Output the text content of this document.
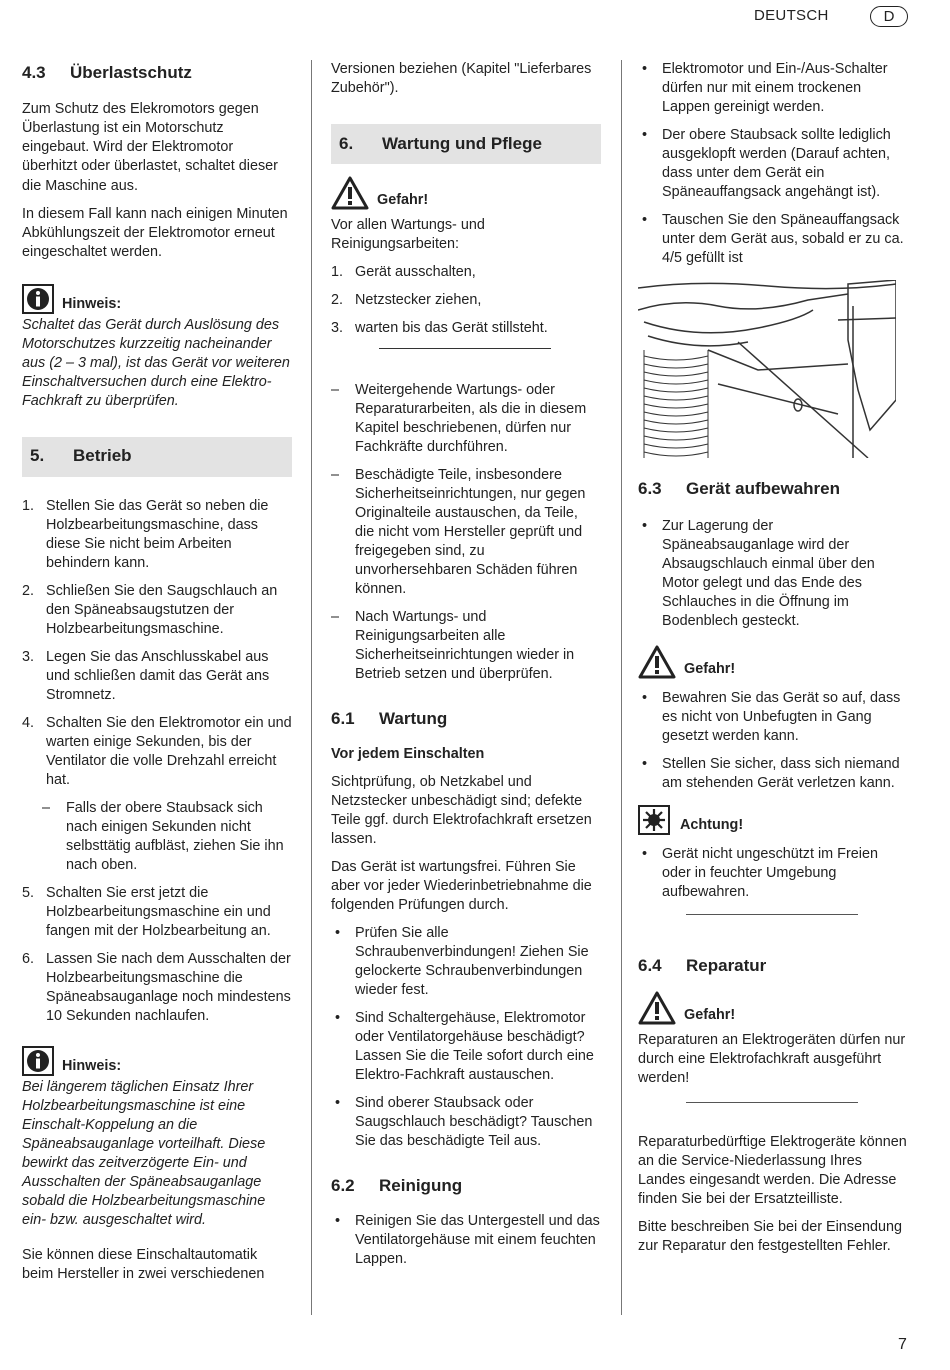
DEUTSCH	D
4.3	Überlastschutz

Zum Schutz des Elekromotors gegen Überlastung ist ein Motorschutz eingebaut. Wird der Elektromotor überhitzt oder überlastet, schaltet dieser die Maschine aus.

In diesem Fall kann nach einigen Minuten Abkühlungszeit der Elektromotor erneut eingeschaltet werden.

Hinweis:

Schaltet das Gerät durch Auslösung des Motorschutzes kurzzeitig nacheinander aus (2 – 3 mal), ist das Gerät vor weiteren Einschaltversuchen durch eine Elektro-Fachkraft zu überprüfen.

5.	Betrieb
1. Stellen Sie das Gerät so neben die Holzbearbeitungsmaschine, dass diese Sie nicht beim Arbeiten behindern kann.
2. Schließen Sie den Saugschlauch an den Späneabsaugstutzen der Holzbearbeitungsmaschine.
3. Legen Sie das Anschlusskabel aus und schließen damit das Gerät ans Stromnetz.
4. Schalten Sie den Elektromotor ein und warten einige Sekunden, bis der Ventilator die volle Drehzahl erreicht hat.
–	Falls der obere Staubsack sich nach einigen Sekunden nicht selbsttätig aufbläst, ziehen Sie ihn nach oben.
5. Schalten Sie erst jetzt die Holzbearbeitungsmaschine ein und fangen mit der Holzbearbeitung an.
6. Lassen Sie nach dem Ausschalten der Holzbearbeitungsmaschine die Späneabsauganlage noch mindestens 10 Sekunden nachlaufen.
Hinweis:

Bei längerem täglichen Einsatz Ihrer Holzbearbeitungsmaschine ist eine Einschalt-Koppelung an die Späneabsauganlage vorteilhaft. Diese bewirkt das zeitverzögerte Ein- und Ausschalten der Späneabsauganlage sobald die Holzbearbeitungsmaschine ein- bzw. ausgeschaltet wird.

Sie können diese Einschaltautomatik beim Hersteller in zwei verschiedenen

Versionen beziehen (Kapitel "Lieferbares Zubehör").

6.	Wartung und Pflege
Gefahr!

Vor allen Wartungs- und Reinigungsarbeiten:

1. Gerät ausschalten,
2. Netzstecker ziehen,
3. warten bis das Gerät stillsteht.
–	Weitergehende Wartungs- oder Reparaturarbeiten, als die in diesem Kapitel beschriebenen, dürfen nur Fachkräfte durchführen.
–	Beschädigte Teile, insbesondere Sicherheitseinrichtungen, nur gegen Originalteile austauschen, da Teile, die nicht vom Hersteller geprüft und freigegeben sind, zu unvorhersehbaren Schäden führen können.
–	Nach Wartungs- und Reinigungsarbeiten alle Sicherheitseinrichtungen wieder in Betrieb setzen und überprüfen.
6.1	Wartung

Vor jedem Einschalten

Sichtprüfung, ob Netzkabel und Netzstecker unbeschädigt sind; defekte Teile ggf. durch Elektrofachkraft ersetzen lassen.

Das Gerät ist wartungsfrei. Führen Sie aber vor jeder Wiederinbetriebnahme die folgenden Prüfungen durch.

•	Prüfen Sie alle Schraubenverbindungen! Ziehen Sie gelockerte Schraubenverbindungen wieder fest.
•	Sind Schaltergehäuse, Elektromotor oder Ventilatorgehäuse beschädigt? Lassen Sie die Teile sofort durch eine Elektro-Fachkraft austauschen.
•	Sind oberer Staubsack oder Saugschlauch beschädigt? Tauschen Sie das beschädigte Teil aus.
6.2	Reinigung
•	Reinigen Sie das Untergestell und das Ventilatorgehäuse mit einem feuchten Lappen.
•	Elektromotor und Ein-/Aus-Schalter dürfen nur mit einem trockenen Lappen gereinigt werden.
•	Der obere Staubsack sollte lediglich ausgeklopft werden (Darauf achten, dass unter dem Gerät ein Späneauffangsack angehängt ist).
•	Tauschen Sie den Späneauffangsack unter dem Gerät aus, sobald er zu ca. 4/5 gefüllt ist
6.3	Gerät aufbewahren
•	Zur Lagerung der Späneabsauganlage wird der Absaugschlauch einmal über den Motor gelegt und das Ende des Schlauches in die Öffnung im Bodenblech gesteckt.
Gefahr!
•	Bewahren Sie das Gerät so auf, dass es nicht von Unbefugten in Gang gesetzt werden kann.
•	Stellen Sie sicher, dass sich niemand am stehenden Gerät verletzen kann.
Achtung!
•	Gerät nicht ungeschützt im Freien oder in feuchter Umgebung aufbewahren.
6.4	Reparatur
Gefahr!

Reparaturen an Elektrogeräten dürfen nur durch eine Elektrofachkraft ausgeführt werden!

Reparaturbedürftige Elektrogeräte können an die Service-Niederlassung Ihres Landes eingesandt werden. Die Adresse finden Sie bei der Ersatzteilliste.

Bitte beschreiben Sie bei der Einsendung zur Reparatur den festgestellten Fehler.

7
